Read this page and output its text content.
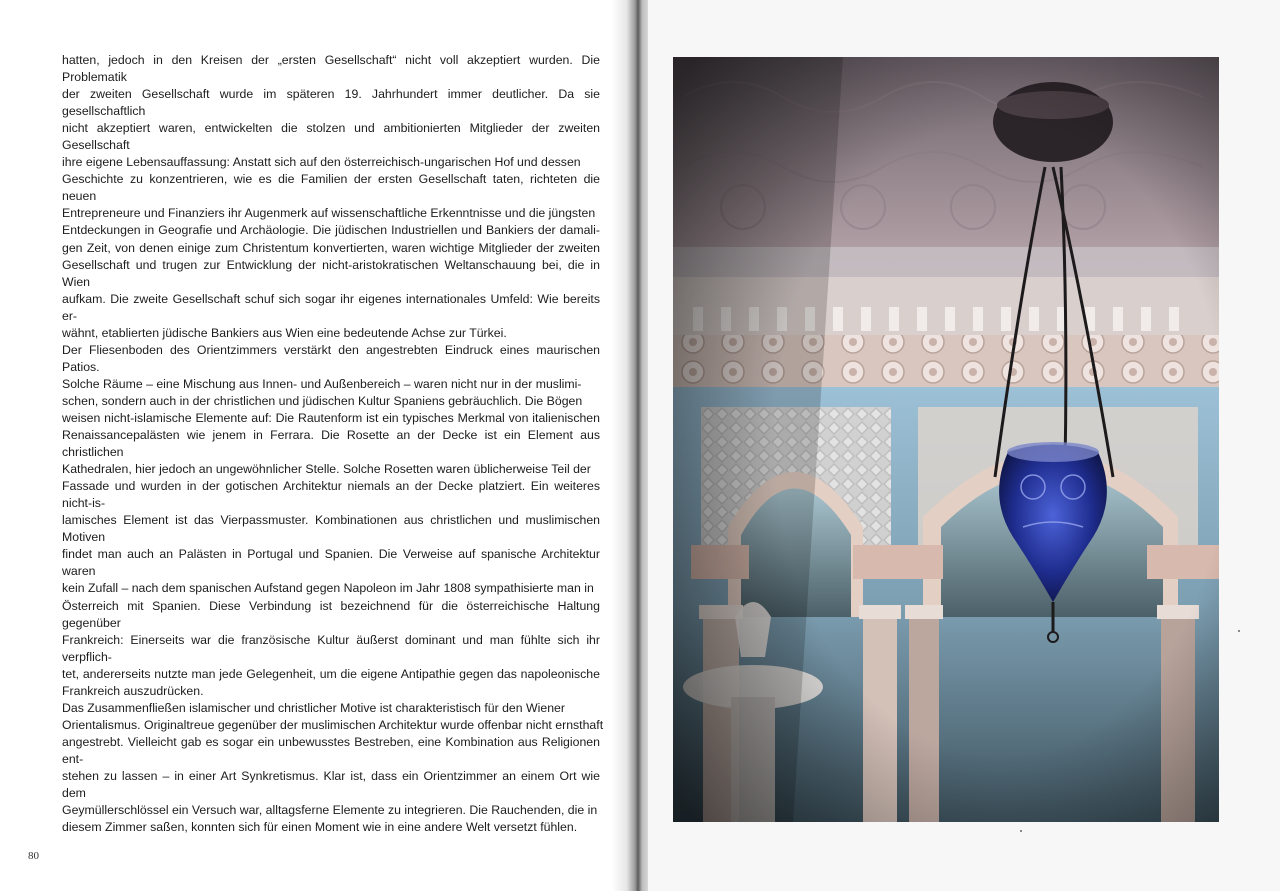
hatten, jedoch in den Kreisen der „ersten Gesellschaft“ nicht voll akzeptiert wurden. Die Problematik
der zweiten Gesellschaft wurde im späteren 19. Jahrhundert immer deutlicher. Da sie gesellschaftlich
nicht akzeptiert waren, entwickelten die stolzen und ambitionierten Mitglieder der zweiten Gesellschaft
ihre eigene Lebensauffassung: Anstatt sich auf den österreichisch-ungarischen Hof und dessen
Geschichte zu konzentrieren, wie es die Familien der ersten Gesellschaft taten, richteten die neuen
Entrepreneure und Finanziers ihr Augenmerk auf wissenschaftliche Erkenntnisse und die jüngsten
Entdeckungen in Geografie und Archäologie. Die jüdischen Industriellen und Bankiers der damali-
gen Zeit, von denen einige zum Christentum konvertierten, waren wichtige Mitglieder der zweiten
Gesellschaft und trugen zur Entwicklung der nicht-aristokratischen Weltanschauung bei, die in Wien
aufkam. Die zweite Gesellschaft schuf sich sogar ihr eigenes internationales Umfeld: Wie bereits er-
wähnt, etablierten jüdische Bankiers aus Wien eine bedeutende Achse zur Türkei.
Der Fliesenboden des Orientzimmers verstärkt den angestrebten Eindruck eines maurischen Patios.
Solche Räume – eine Mischung aus Innen- und Außenbereich – waren nicht nur in der muslimi-
schen, sondern auch in der christlichen und jüdischen Kultur Spaniens gebräuchlich. Die Bögen
weisen nicht-islamische Elemente auf: Die Rautenform ist ein typisches Merkmal von italienischen
Renaissancepalästen wie jenem in Ferrara. Die Rosette an der Decke ist ein Element aus christlichen
Kathedralen, hier jedoch an ungewöhnlicher Stelle. Solche Rosetten waren üblicherweise Teil der
Fassade und wurden in der gotischen Architektur niemals an der Decke platziert. Ein weiteres nicht-is-
lamisches Element ist das Vierpassmuster. Kombinationen aus christlichen und muslimischen Motiven
findet man auch an Palästen in Portugal und Spanien. Die Verweise auf spanische Architektur waren
kein Zufall – nach dem spanischen Aufstand gegen Napoleon im Jahr 1808 sympathisierte man in
Österreich mit Spanien. Diese Verbindung ist bezeichnend für die österreichische Haltung gegenüber
Frankreich: Einerseits war die französische Kultur äußerst dominant und man fühlte sich ihr verpflich-
tet, andererseits nutzte man jede Gelegenheit, um die eigene Antipathie gegen das napoleonische
Frankreich auszudrücken.
Das Zusammenfließen islamischer und christlicher Motive ist charakteristisch für den Wiener
Orientalismus. Originaltreue gegenüber der muslimischen Architektur wurde offenbar nicht ernsthaft
angestrebt. Vielleicht gab es sogar ein unbewusstes Bestreben, eine Kombination aus Religionen ent-
stehen zu lassen – in einer Art Synkretismus. Klar ist, dass ein Orientzimmer an einem Ort wie dem
Geymüllerschlössel ein Versuch war, alltagsferne Elemente zu integrieren. Die Rauchenden, die in
diesem Zimmer saßen, konnten sich für einen Moment wie in eine andere Welt versetzt fühlen.
80
